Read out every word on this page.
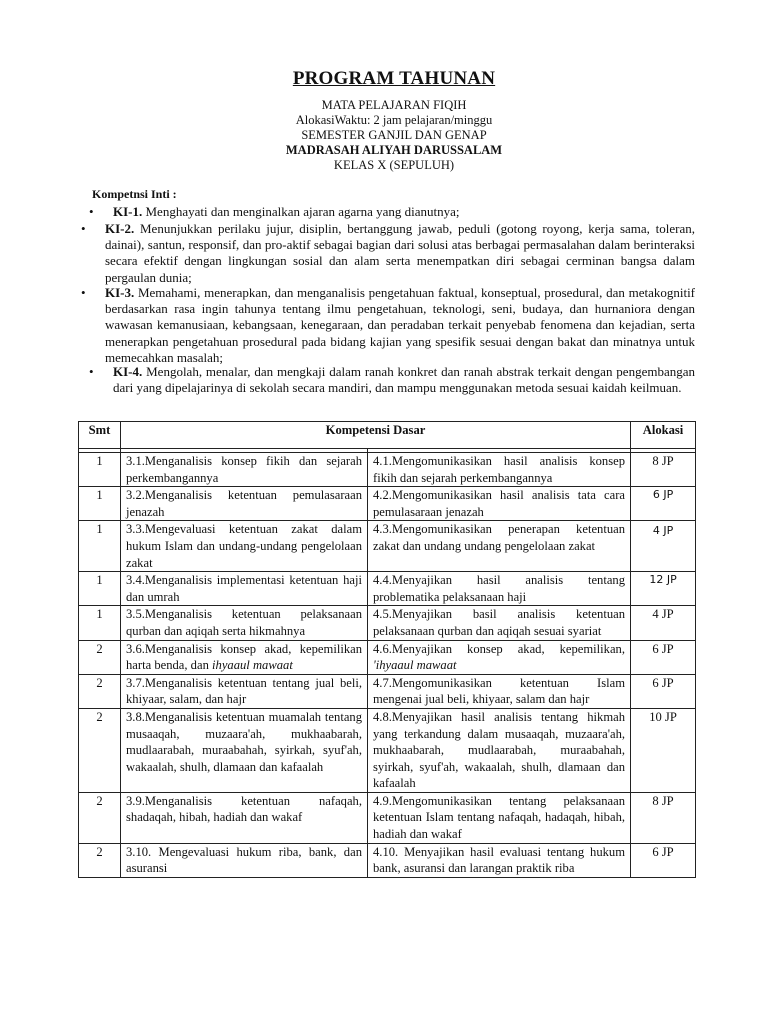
PROGRAM TAHUNAN
MATA PELAJARAN FIQIH
AlokasiWaktu: 2 jam pelajaran/minggu
SEMESTER GANJIL DAN GENAP
MADRASAH ALIYAH DARUSSALAM
KELAS X (SEPULUH)
Kompetnsi Inti :
• KI-1. Menghayati dan menginalkan ajaran agarna yang dianutnya;
• KI-2. Menunjukkan perilaku jujur, disiplin, bertanggung jawab, peduli (gotong royong, kerja sama, toleran, dainai), santun, responsif, dan pro-aktif sebagai bagian dari solusi atas berbagai permasalahan dalam berinteraksi secara efektif dengan lingkungan sosial dan alam serta menempatkan diri sebagai cerminan bangsa dalam pergaulan dunia;
• KI-3. Memahami, menerapkan, dan menganalisis pengetahuan faktual, konseptual, prosedural, dan metakognitif berdasarkan rasa ingin tahunya tentang ilmu pengetahuan, teknologi, seni, budaya, dan hurnaniora dengan wawasan kemanusiaan, kebangsaan, kenegaraan, dan peradaban terkait penyebab fenomena dan kejadian, serta menerapkan pengetahuan prosedural pada bidang kajian yang spesifik sesuai dengan bakat dan minatnya untuk memecahkan masalah;
• KI-4. Mengolah, menalar, dan mengkaji dalam ranah konkret dan ranah abstrak terkait dengan pengembangan dari yang dipelajarinya di sekolah secara mandiri, dan mampu menggunakan metoda sesuai kaidah keilmuan.
Smt	Kompetensi Dasar		Alokasi

1	3.1.Menganalisis konsep fikih dan sejarah perkembangannya	4.1.Mengomunikasikan hasil analisis konsep fikih dan sejarah perkembangannya	8 JP
1	3.2.Menganalisis ketentuan pemulasaraan jenazah	4.2.Mengomunikasikan hasil analisis tata cara pemulasaraan jenazah	6 JP
1	3.3.Mengevaluasi ketentuan zakat dalam hukum Islam dan undang-undang pengelolaan zakat	4.3.Mengomunikasikan penerapan ketentuan zakat dan undang undang pengelolaan zakat	4 JP
1	3.4.Menganalisis implementasi ketentuan haji dan umrah	4.4.Menyajikan hasil analisis tentang problematika pelaksanaan haji	12 JP
1	3.5.Menganalisis ketentuan pelaksanaan qurban dan aqiqah serta hikmahnya	4.5.Menyajikan basil analisis ketentuan pelaksanaan qurban dan aqiqah sesuai syariat	4 JP
2	3.6.Menganalisis konsep akad, kepemilikan harta benda, dan ihyaaul mawaat	4.6.Menyajikan konsep akad, kepemilikan, 'ihyaaul mawaat	6 JP
2	3.7.Menganalisis ketentuan tentang jual beli, khiyaar, salam, dan hajr	4.7.Mengomunikasikan ketentuan Islam mengenai jual beli, khiyaar, salam dan hajr	6 JP
2	3.8.Menganalisis ketentuan muamalah tentang musaaqah, muzaara'ah, mukhaabarah, mudlaarabah, muraabahah, syirkah, syuf'ah, wakaalah, shulh, dlamaan dan kafaalah	4.8.Menyajikan hasil analisis tentang hikmah yang terkandung dalam musaaqah, muzaara'ah, mukhaabarah, mudlaarabah, muraabahah, syirkah, syuf'ah, wakaalah, shulh, dlamaan dan kafaalah	10 JP
2	3.9.Menganalisis ketentuan nafaqah, shadaqah, hibah, hadiah dan wakaf	4.9.Mengomunikasikan tentang pelaksanaan ketentuan Islam tentang nafaqah, hadaqah, hibah, hadiah dan wakaf	8 JP
2	3.10. Mengevaluasi hukum riba, bank, dan asuransi	4.10. Menyajikan hasil evaluasi tentang hukum bank, asuransi dan larangan praktik riba	6 JP
